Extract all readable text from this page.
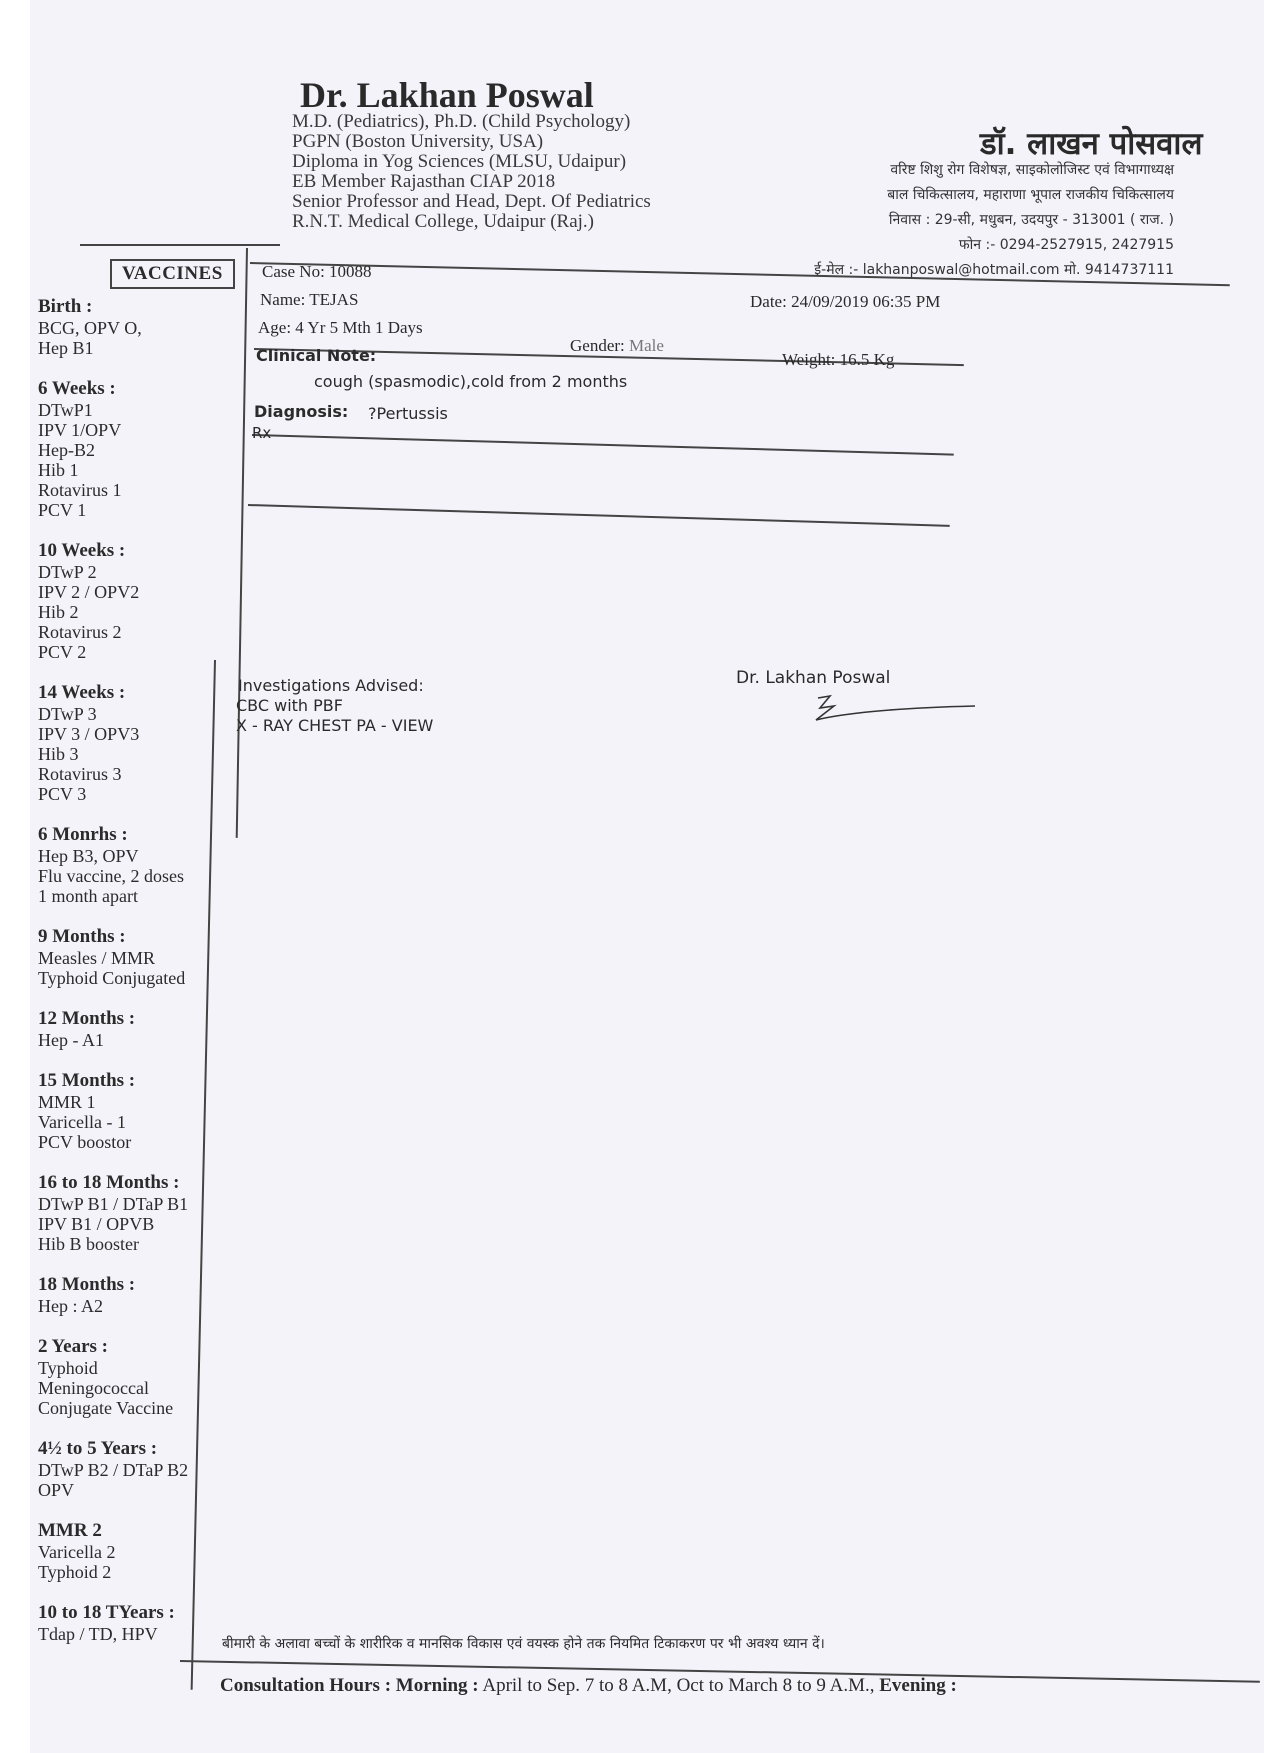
Dr. Lakhan Poswal
M.D. (Pediatrics), Ph.D. (Child Psychology)
PGPN (Boston University, USA)
Diploma in Yog Sciences (MLSU, Udaipur)
EB Member Rajasthan CIAP 2018
Senior Professor and Head, Dept. Of Pediatrics
R.N.T. Medical College, Udaipur (Raj.)
डॉ. लाखन पोसवाल
वरिष्ट शिशु रोग विशेषज्ञ, साइकोलोजिस्ट एवं विभागाध्यक्ष
बाल चिकित्सालय, महाराणा भूपाल राजकीय चिकित्सालय
निवास : 29-सी, मधुबन, उदयपुर - 313001 ( राज. )
फोन :- 0294-2527915, 2427915
ई-मेल :- lakhanposwal@hotmail.com मो. 9414737111
VACCINES
Birth :
BCG, OPV O,
Hep B1
6 Weeks :
DTwP1
IPV 1/OPV
Hep-B2
Hib 1
Rotavirus 1
PCV 1
10 Weeks :
DTwP 2
IPV 2 / OPV2
Hib 2
Rotavirus 2
PCV 2
14 Weeks :
DTwP 3
IPV 3 / OPV3
Hib 3
Rotavirus 3
PCV 3
6 Monrhs :
Hep B3, OPV
Flu vaccine, 2 doses
1 month apart
9 Months :
Measles / MMR
Typhoid Conjugated
12 Months :
Hep - A1
15 Months :
MMR 1
Varicella - 1
PCV boostor
16 to 18 Months :
DTwP B1 / DTaP B1
IPV B1 / OPVB
Hib B booster
18 Months :
Hep : A2
2 Years :
Typhoid
Meningococcal
Conjugate Vaccine
4½ to 5 Years :
DTwP B2 / DTaP B2
OPV
MMR 2
Varicella 2
Typhoid 2
10 to 18 TYears :
Tdap / TD, HPV
Case No: 10088
Date: 24/09/2019 06:35 PM
Name: TEJAS
Age: 4 Yr 5 Mth 1 Days
Gender: Male
Weight: 16.5 Kg
Clinical Note:
cough (spasmodic),cold from 2 months
Diagnosis: ?Pertussis
Rx
Investigations Advised:
CBC with PBF
X - RAY CHEST PA - VIEW
Dr. Lakhan Poswal
बीमारी के अलावा बच्चों के शारीरिक व मानसिक विकास एवं वयस्क होने तक नियमित टिकाकरण पर भी अवश्य ध्यान दें।
Consultation Hours : Morning : April to Sep. 7 to 8 A.M, Oct to March 8 to 9 A.M., Evening :
